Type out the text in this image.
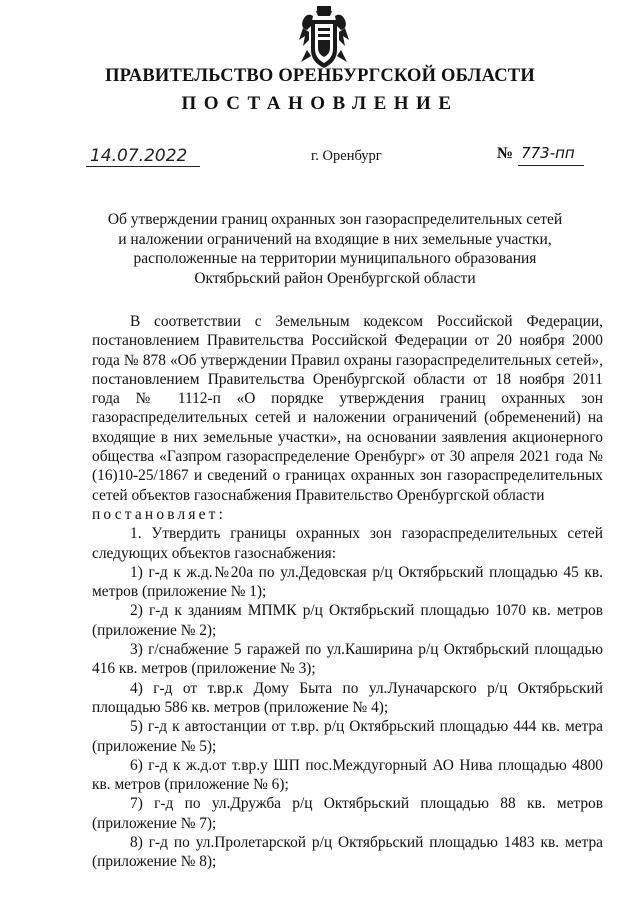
ПРАВИТЕЛЬСТВО ОРЕНБУРГСКОЙ ОБЛАСТИ
ПОСТАНОВЛЕНИЕ
14.07.2022	г. Оренбург	№ 773-пп
Об утверждении границ охранных зон газораспределительных сетей
и наложении ограничений на входящие в них земельные участки,
расположенные на территории муниципального образования
Октябрьский район Оренбургской области

В соответствии с Земельным кодексом Российской Федерации, постановлением Правительства Российской Федерации от 20 ноября 2000 года № 878 «Об утверждении Правил охраны газораспределительных сетей», постановлением Правительства Оренбургской области от 18 ноября 2011 года № 1112-п «О порядке утверждения границ охранных зон газораспределительных сетей и наложении ограничений (обременений) на входящие в них земельные участки», на основании заявления акционерного общества «Газпром газораспределение Оренбург» от 30 апреля 2021 года № (16)10-25/1867 и сведений о границах охранных зон газораспределительных сетей объектов газоснабжения Правительство Оренбургской области

постановляет:

1. Утвердить границы охранных зон газораспределительных сетей следующих объектов газоснабжения:

1) г-д к ж.д.№20а по ул.Дедовская р/ц Октябрьский площадью 45 кв. метров (приложение № 1);

2) г-д к зданиям МПМК р/ц Октябрьский площадью 1070 кв. метров (приложение № 2);

3) г/снабжение 5 гаражей по ул.Каширина р/ц Октябрьский площадью 416 кв. метров (приложение № 3);

4) г-д от т.вр.к Дому Быта по ул.Луначарского р/ц Октябрьский площадью 586 кв. метров (приложение № 4);

5) г-д к автостанции от т.вр. р/ц Октябрьский площадью 444 кв. метра (приложение № 5);

6) г-д к ж.д.от т.вр.у ШП пос.Междугорный АО Нива площадью 4800 кв. метров (приложение № 6);

7) г-д по ул.Дружба р/ц Октябрьский площадью 88 кв. метров (приложение № 7);

8) г-д по ул.Пролетарской р/ц Октябрьский площадью 1483 кв. метра (приложение № 8);
